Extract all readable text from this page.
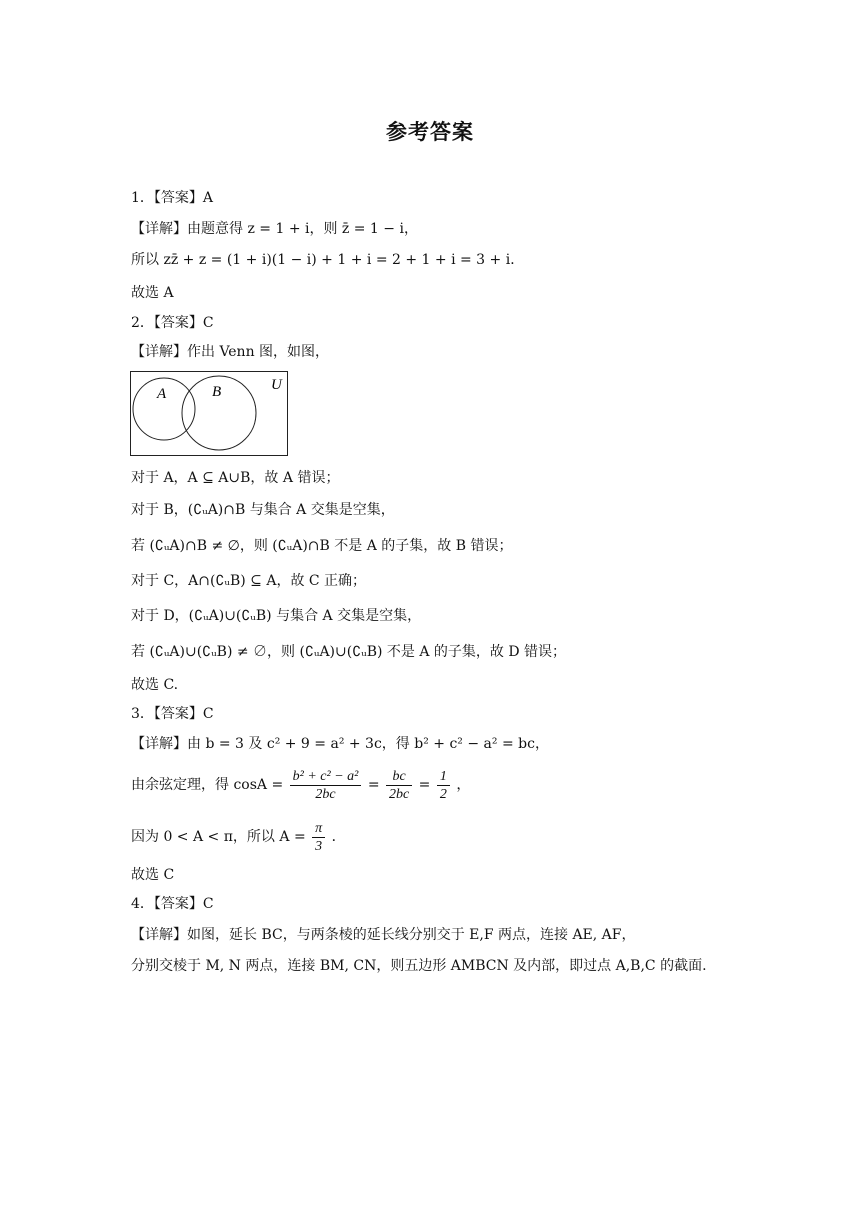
参考答案
1．【答案】A
【详解】由题意得 z = 1 + i，则 z̄ = 1 − i，
所以 zz̄ + z = (1 + i)(1 − i) + 1 + i = 2 + 1 + i = 3 + i．
故选 A
2．【答案】C
【详解】作出 Venn 图，如图，
A	B	U
对于 A，A ⊆ A∪B，故 A 错误；
对于 B，(∁ᵤA)∩B 与集合 A 交集是空集，
若 (∁ᵤA)∩B ≠ ∅，则 (∁ᵤA)∩B 不是 A 的子集，故 B 错误；
对于 C，A∩(∁ᵤB) ⊆ A，故 C 正确；
对于 D，(∁ᵤA)∪(∁ᵤB) 与集合 A 交集是空集，
若 (∁ᵤA)∪(∁ᵤB) ≠ ∅，则 (∁ᵤA)∪(∁ᵤB) 不是 A 的子集，故 D 错误；
故选 C.
3．【答案】C
【详解】由 b = 3 及 c² + 9 = a² + 3c，得 b² + c² − a² = bc，
由余弦定理，得 $\cos A = \frac{\text{b² + c² − a²}}{2bc} = \frac{bc}{2bc} = \frac{1}{2}$ ，
因为 0 < A < π，所以 $A = \frac{\pi}{3}$ ．
故选 C
4．【答案】C
【详解】如图，延长 BC，与两条棱的延长线分别交于 E,F 两点，连接 AE, AF，
分别交棱于 M, N 两点，连接 BM, CN，则五边形 AMBCN 及内部，即过点 A,B,C 的截面.
